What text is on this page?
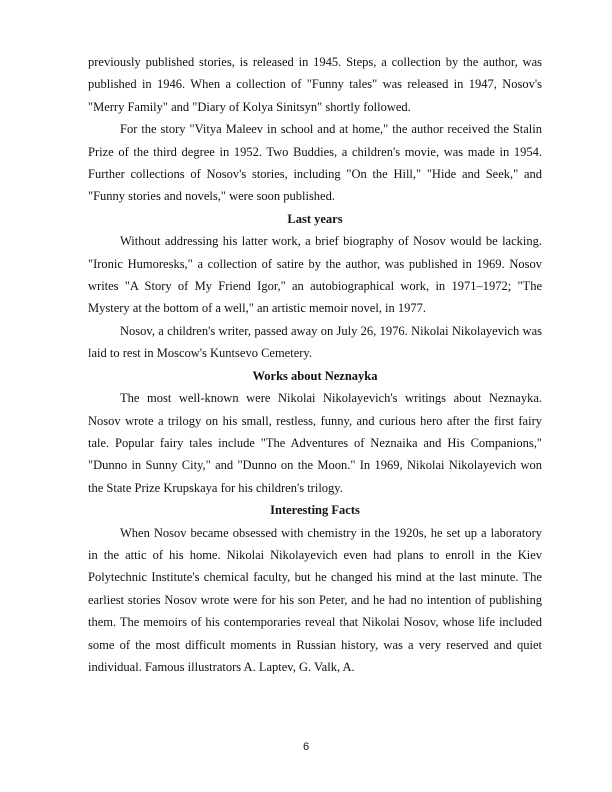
previously published stories, is released in 1945. Steps, a collection by the author, was published in 1946. When a collection of "Funny tales" was released in 1947, Nosov's "Merry Family" and "Diary of Kolya Sinitsyn" shortly followed.

For the story "Vitya Maleev in school and at home," the author received the Stalin Prize of the third degree in 1952. Two Buddies, a children's movie, was made in 1954. Further collections of Nosov's stories, including "On the Hill," "Hide and Seek," and "Funny stories and novels," were soon published.

Last years

Without addressing his latter work, a brief biography of Nosov would be lacking. "Ironic Humoresks," a collection of satire by the author, was published in 1969. Nosov writes "A Story of My Friend Igor," an autobiographical work, in 1971–1972; "The Mystery at the bottom of a well," an artistic memoir novel, in 1977.

Nosov, a children's writer, passed away on July 26, 1976. Nikolai Nikolayevich was laid to rest in Moscow's Kuntsevo Cemetery.

Works about Neznayka

The most well-known were Nikolai Nikolayevich's writings about Neznayka. Nosov wrote a trilogy on his small, restless, funny, and curious hero after the first fairy tale. Popular fairy tales include "The Adventures of Neznaika and His Companions," "Dunno in Sunny City," and "Dunno on the Moon." In 1969, Nikolai Nikolayevich won the State Prize Krupskaya for his children's trilogy.

Interesting Facts

When Nosov became obsessed with chemistry in the 1920s, he set up a laboratory in the attic of his home. Nikolai Nikolayevich even had plans to enroll in the Kiev Polytechnic Institute's chemical faculty, but he changed his mind at the last minute. The earliest stories Nosov wrote were for his son Peter, and he had no intention of publishing them. The memoirs of his contemporaries reveal that Nikolai Nosov, whose life included some of the most difficult moments in Russian history, was a very reserved and quiet individual. Famous illustrators A. Laptev, G. Valk, A.

6
